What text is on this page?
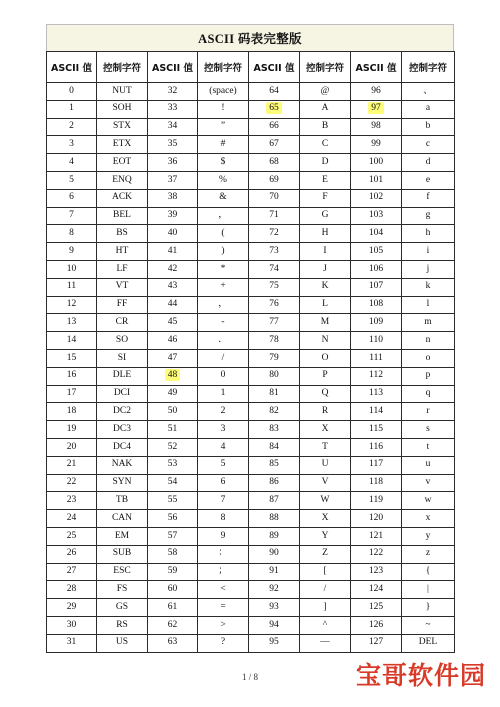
ASCII 码表完整版
ASCII 值	控制字符	ASCII 值	控制字符	ASCII 值	控制字符	ASCII 值	控制字符
0	NUT	32	(space)	64	@	96	、
1	SOH	33	!	65	A	97	a
2	STX	34	”	66	B	98	b
3	ETX	35	#	67	C	99	c
4	EOT	36	$	68	D	100	d
5	ENQ	37	%	69	E	101	e
6	ACK	38	&	70	F	102	f
7	BEL	39	，	71	G	103	g
8	BS	40	(	72	H	104	h
9	HT	41	)	73	I	105	i
10	LF	42	*	74	J	106	j
11	VT	43	+	75	K	107	k
12	FF	44	，	76	L	108	l
13	CR	45	-	77	M	109	m
14	SO	46	．	78	N	110	n
15	SI	47	/	79	O	111	o
16	DLE	48	0	80	P	112	p
17	DCI	49	1	81	Q	113	q
18	DC2	50	2	82	R	114	r
19	DC3	51	3	83	X	115	s
20	DC4	52	4	84	T	116	t
21	NAK	53	5	85	U	117	u
22	SYN	54	6	86	V	118	v
23	TB	55	7	87	W	119	w
24	CAN	56	8	88	X	120	x
25	EM	57	9	89	Y	121	y
26	SUB	58	：	90	Z	122	z
27	ESC	59	；	91	[	123	{
28	FS	60	<	92	/	124	|
29	GS	61	=	93	]	125	}
30	RS	62	>	94	^	126	~
31	US	63	?	95	—	127	DEL
1 / 8	宝哥软件园
